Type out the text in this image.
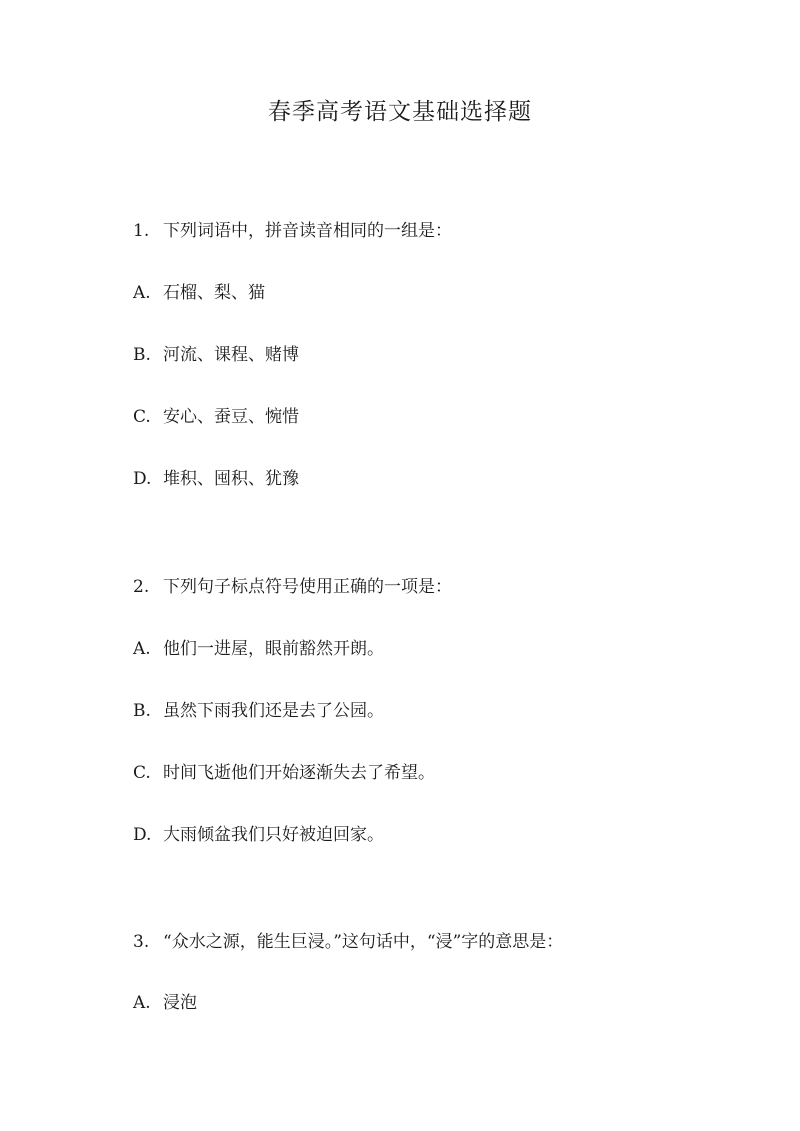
春季高考语文基础选择题
1. 下列词语中，拼音读音相同的一组是：
A. 石榴、梨、猫
B. 河流、课程、赌博
C. 安心、蚕豆、惋惜
D. 堆积、囤积、犹豫
2. 下列句子标点符号使用正确的一项是：
A. 他们一进屋，眼前豁然开朗。
B. 虽然下雨我们还是去了公园。
C. 时间飞逝他们开始逐渐失去了希望。
D. 大雨倾盆我们只好被迫回家。
3. “众水之源，能生巨浸。”这句话中，“浸”字的意思是：
A. 浸泡
